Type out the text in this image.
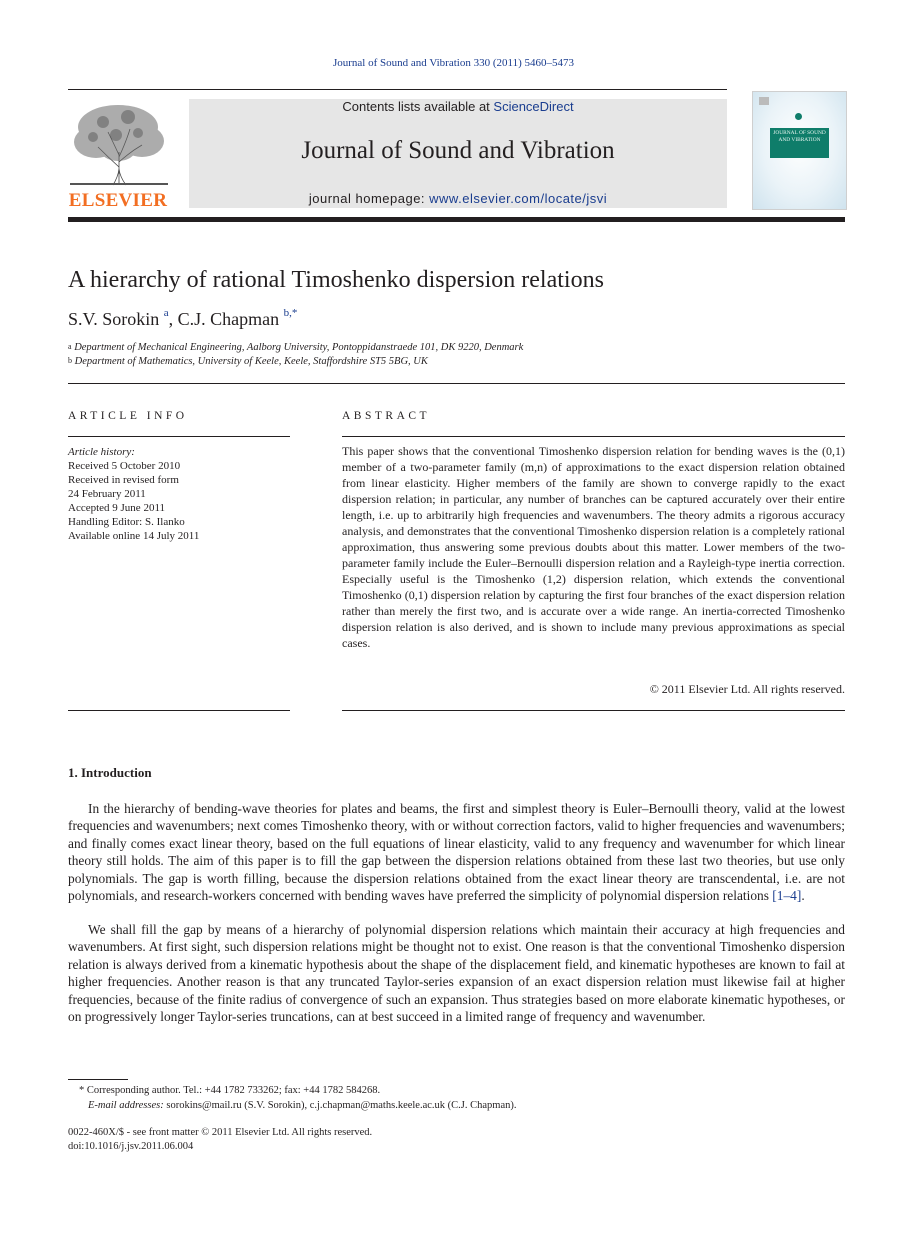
Journal of Sound and Vibration 330 (2011) 5460–5473
ELSEVIER
Contents lists available at ScienceDirect
Journal of Sound and Vibration
journal homepage: www.elsevier.com/locate/jsvi
JOURNAL OF SOUND AND VIBRATION
A hierarchy of rational Timoshenko dispersion relations
S.V. Sorokin $^a$, C.J. Chapman $^{b,*}$
$^a$ Department of Mechanical Engineering, Aalborg University, Pontoppidanstraede 101, DK 9220, Denmark
$^b$ Department of Mathematics, University of Keele, Keele, Staffordshire ST5 5BG, UK
ARTICLE INFO
Article history:
Received 5 October 2010
Received in revised form
24 February 2011
Accepted 9 June 2011
Handling Editor: S. Ilanko
Available online 14 July 2011
ABSTRACT
This paper shows that the conventional Timoshenko dispersion relation for bending waves is the (0,1) member of a two-parameter family (m,n) of approximations to the exact dispersion relation obtained from linear elasticity. Higher members of the family are shown to converge rapidly to the exact dispersion relation; in particular, any number of branches can be captured accurately over their entire length, i.e. up to arbitrarily high frequencies and wavenumbers. The theory admits a rigorous accuracy analysis, and demonstrates that the conventional Timoshenko dispersion relation is a completely rational approximation, thus answering some previous doubts about this matter. Lower members of the two-parameter family include the Euler–Bernoulli dispersion relation and a Rayleigh-type inertia correction. Especially useful is the Timoshenko (1,2) dispersion relation, which extends the conventional Timoshenko (0,1) dispersion relation by capturing the first four branches of the exact dispersion relation rather than merely the first two, and is accurate over a wide range. An inertia-corrected Timoshenko dispersion relation is also derived, and is shown to include many previous approximations as special cases.
© 2011 Elsevier Ltd. All rights reserved.
1. Introduction
In the hierarchy of bending-wave theories for plates and beams, the first and simplest theory is Euler–Bernoulli theory, valid at the lowest frequencies and wavenumbers; next comes Timoshenko theory, with or without correction factors, valid to higher frequencies and wavenumbers; and finally comes exact linear theory, based on the full equations of linear elasticity, valid to any frequency and wavenumber for which linear theory still holds. The aim of this paper is to fill the gap between the dispersion relations obtained from these last two theories, but use only polynomials. The gap is worth filling, because the dispersion relations obtained from the exact linear theory are transcendental, i.e. are not polynomials, and research-workers concerned with bending waves have preferred the simplicity of polynomial dispersion relations [1–4].
We shall fill the gap by means of a hierarchy of polynomial dispersion relations which maintain their accuracy at high frequencies and wavenumbers. At first sight, such dispersion relations might be thought not to exist. One reason is that the conventional Timoshenko dispersion relation is always derived from a kinematic hypothesis about the shape of the displacement field, and kinematic hypotheses are known to fail at higher frequencies. Another reason is that any truncated Taylor-series expansion of an exact dispersion relation must likewise fail at higher frequencies, because of the finite radius of convergence of such an expansion. Thus strategies based on more elaborate kinematic hypotheses, or on progressively longer Taylor-series truncations, can at best succeed in a limited range of frequency and wavenumber.
* Corresponding author. Tel.: +44 1782 733262; fax: +44 1782 584268.
E-mail addresses: sorokins@mail.ru (S.V. Sorokin), c.j.chapman@maths.keele.ac.uk (C.J. Chapman).
0022-460X/$ - see front matter © 2011 Elsevier Ltd. All rights reserved.
doi:10.1016/j.jsv.2011.06.004
